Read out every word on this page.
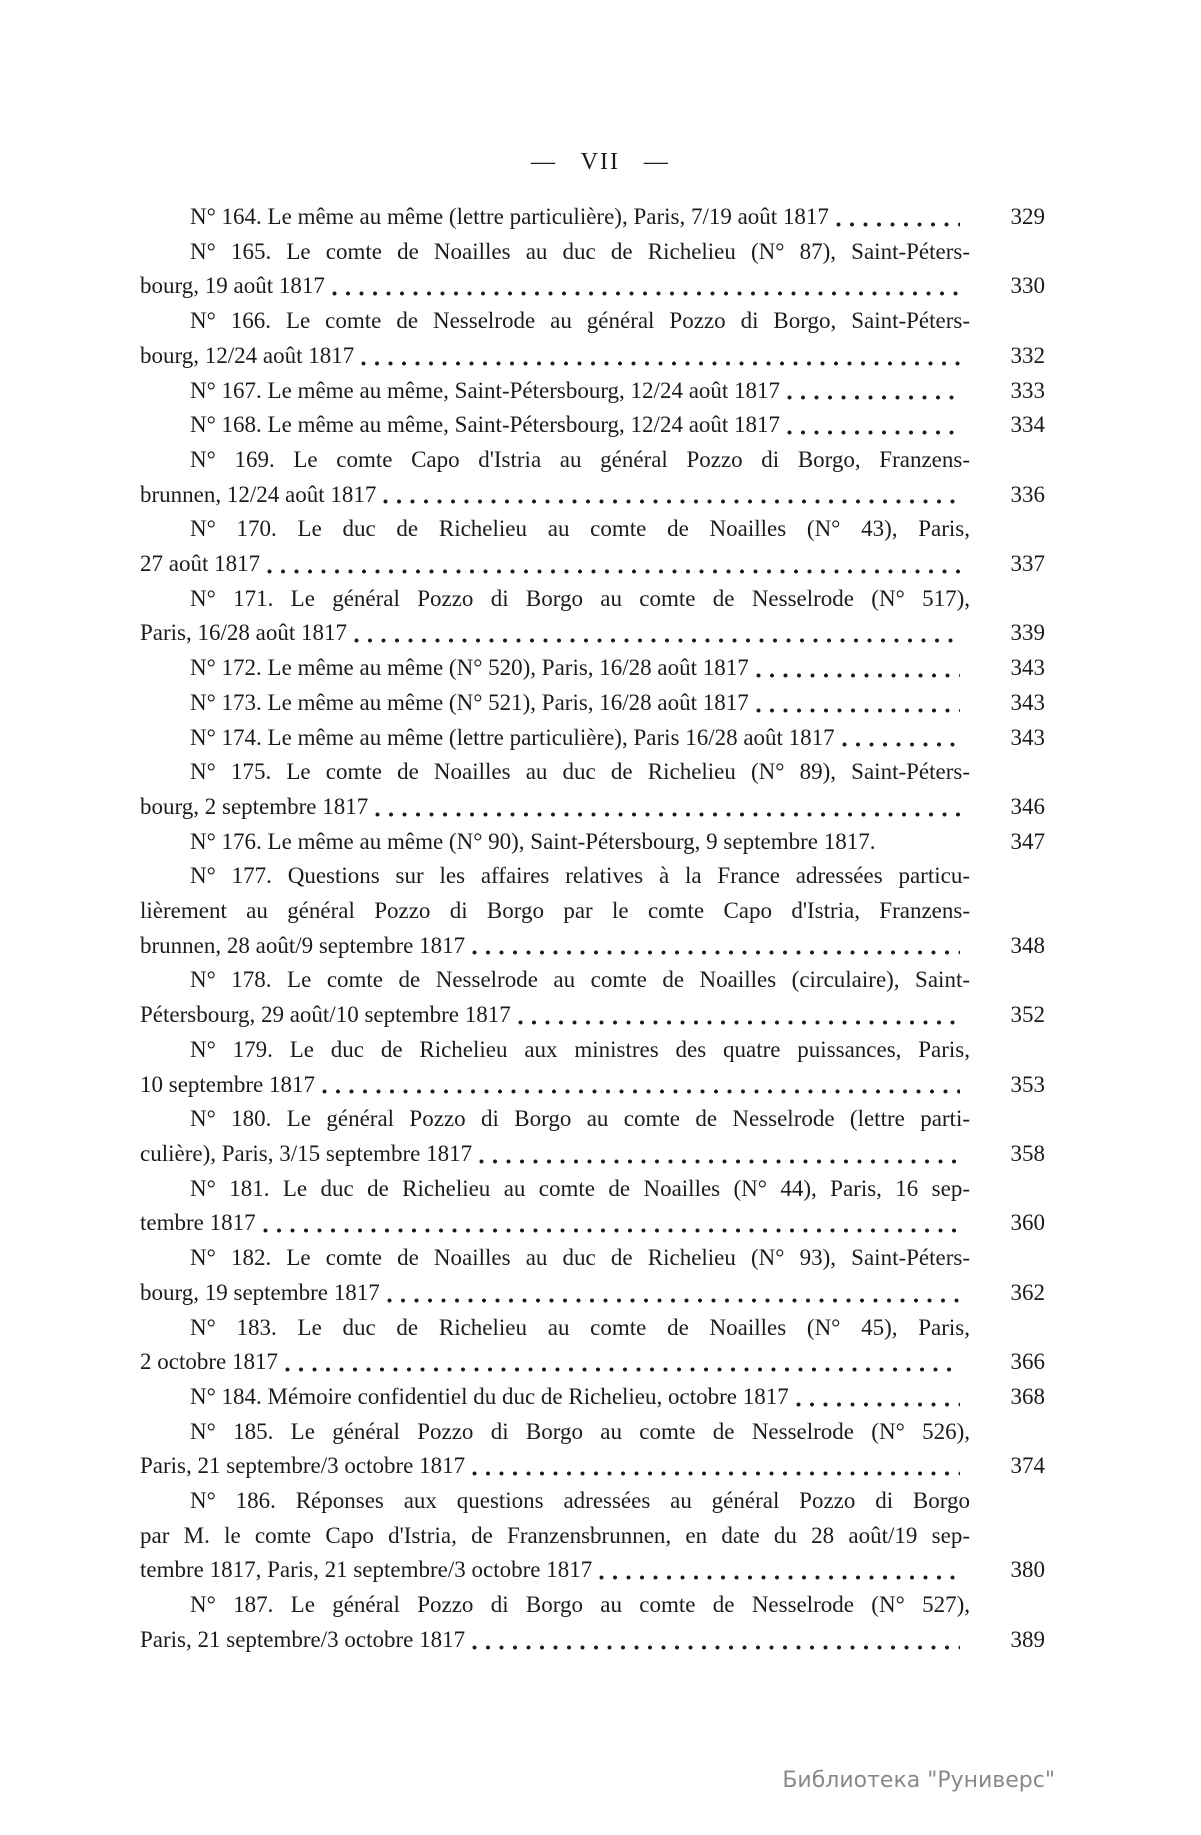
— VII —
N° 164. Le même au même (lettre particulière), Paris, 7/19 août 1817	329
N° 165. Le comte de Noailles au duc de Richelieu (N° 87), Saint-Péters-
bourg, 19 août 1817	330
N° 166. Le comte de Nesselrode au général Pozzo di Borgo, Saint-Péters-
bourg, 12/24 août 1817	332
N° 167. Le même au même, Saint-Pétersbourg, 12/24 août 1817	333
N° 168. Le même au même, Saint-Pétersbourg, 12/24 août 1817	334
N° 169. Le comte Capo d'Istria au général Pozzo di Borgo, Franzens-
brunnen, 12/24 août 1817	336
N° 170. Le duc de Richelieu au comte de Noailles (N° 43), Paris,
27 août 1817	337
N° 171. Le général Pozzo di Borgo au comte de Nesselrode (N° 517),
Paris, 16/28 août 1817	339
N° 172. Le même au même (N° 520), Paris, 16/28 août 1817	343
N° 173. Le même au même (N° 521), Paris, 16/28 août 1817	343
N° 174. Le même au même (lettre particulière), Paris 16/28 août 1817	343
N° 175. Le comte de Noailles au duc de Richelieu (N° 89), Saint-Péters-
bourg, 2 septembre 1817	346
N° 176. Le même au même (N° 90), Saint-Pétersbourg, 9 septembre 1817.	347
N° 177. Questions sur les affaires relatives à la France adressées particu-
lièrement au général Pozzo di Borgo par le comte Capo d'Istria, Franzens-
brunnen, 28 août/9 septembre 1817	348
N° 178. Le comte de Nesselrode au comte de Noailles (circulaire), Saint-
Pétersbourg, 29 août/10 septembre 1817	352
N° 179. Le duc de Richelieu aux ministres des quatre puissances, Paris,
10 septembre 1817	353
N° 180. Le général Pozzo di Borgo au comte de Nesselrode (lettre parti-
culière), Paris, 3/15 septembre 1817	358
N° 181. Le duc de Richelieu au comte de Noailles (N° 44), Paris, 16 sep-
tembre 1817	360
N° 182. Le comte de Noailles au duc de Richelieu (N° 93), Saint-Péters-
bourg, 19 septembre 1817	362
N° 183. Le duc de Richelieu au comte de Noailles (N° 45), Paris,
2 octobre 1817	366
N° 184. Mémoire confidentiel du duc de Richelieu, octobre 1817	368
N° 185. Le général Pozzo di Borgo au comte de Nesselrode (N° 526),
Paris, 21 septembre/3 octobre 1817	374
N° 186. Réponses aux questions adressées au général Pozzo di Borgo
par M. le comte Capo d'Istria, de Franzensbrunnen, en date du 28 août/19 sep-
tembre 1817, Paris, 21 septembre/3 octobre 1817	380
N° 187. Le général Pozzo di Borgo au comte de Nesselrode (N° 527),
Paris, 21 septembre/3 octobre 1817	389
Библиотека "Руниверс"
